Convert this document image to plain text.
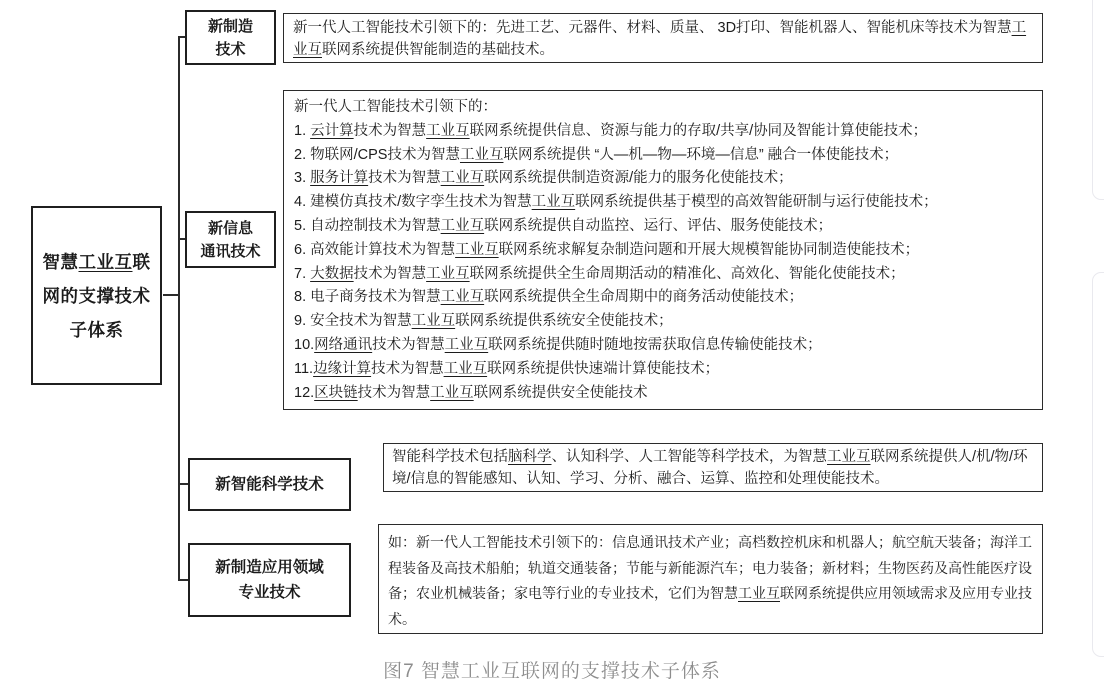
智慧工业互联
网的支撑技术
子体系
新制造
技术
新一代人工智能技术引领下的：先进工艺、元器件、材料、质量、 3D打印、智能机器人、智能机床等技术为智慧工业互联网系统提供智能制造的基础技术。
新信息
通讯技术
新一代人工智能技术引领下的：
1. 云计算技术为智慧工业互联网系统提供信息、资源与能力的存取/共享/协同及智能计算使能技术；
2. 物联网/CPS技术为智慧工业互联网系统提供 “人—机—物—环境—信息” 融合一体使能技术；
3. 服务计算技术为智慧工业互联网系统提供制造资源/能力的服务化使能技术；
4. 建模仿真技术/数字孪生技术为智慧工业互联网系统提供基于模型的高效智能研制与运行使能技术；
5. 自动控制技术为智慧工业互联网系统提供自动监控、运行、评估、服务使能技术；
6. 高效能计算技术为智慧工业互联网系统求解复杂制造问题和开展大规模智能协同制造使能技术；
7. 大数据技术为智慧工业互联网系统提供全生命周期活动的精准化、高效化、智能化使能技术；
8. 电子商务技术为智慧工业互联网系统提供全生命周期中的商务活动使能技术；
9. 安全技术为智慧工业互联网系统提供系统安全使能技术；
10.网络通讯技术为智慧工业互联网系统提供随时随地按需获取信息传输使能技术；
11.边缘计算技术为智慧工业互联网系统提供快速端计算使能技术；
12.区块链技术为智慧工业互联网系统提供安全使能技术
新智能科学技术
智能科学技术包括脑科学、认知科学、人工智能等科学技术，为智慧工业互联网系统提供人/机/物/环境/信息的智能感知、认知、学习、分析、融合、运算、监控和处理使能技术。
新制造应用领域
专业技术
如：新一代人工智能技术引领下的：信息通讯技术产业；高档数控机床和机器人；航空航天装备；海洋工程装备及高技术船舶；轨道交通装备；节能与新能源汽车；电力装备；新材料；生物医药及高性能医疗设备；农业机械装备；家电等行业的专业技术，它们为智慧工业互联网系统提供应用领域需求及应用专业技术。
图7 智慧工业互联网的支撑技术子体系
